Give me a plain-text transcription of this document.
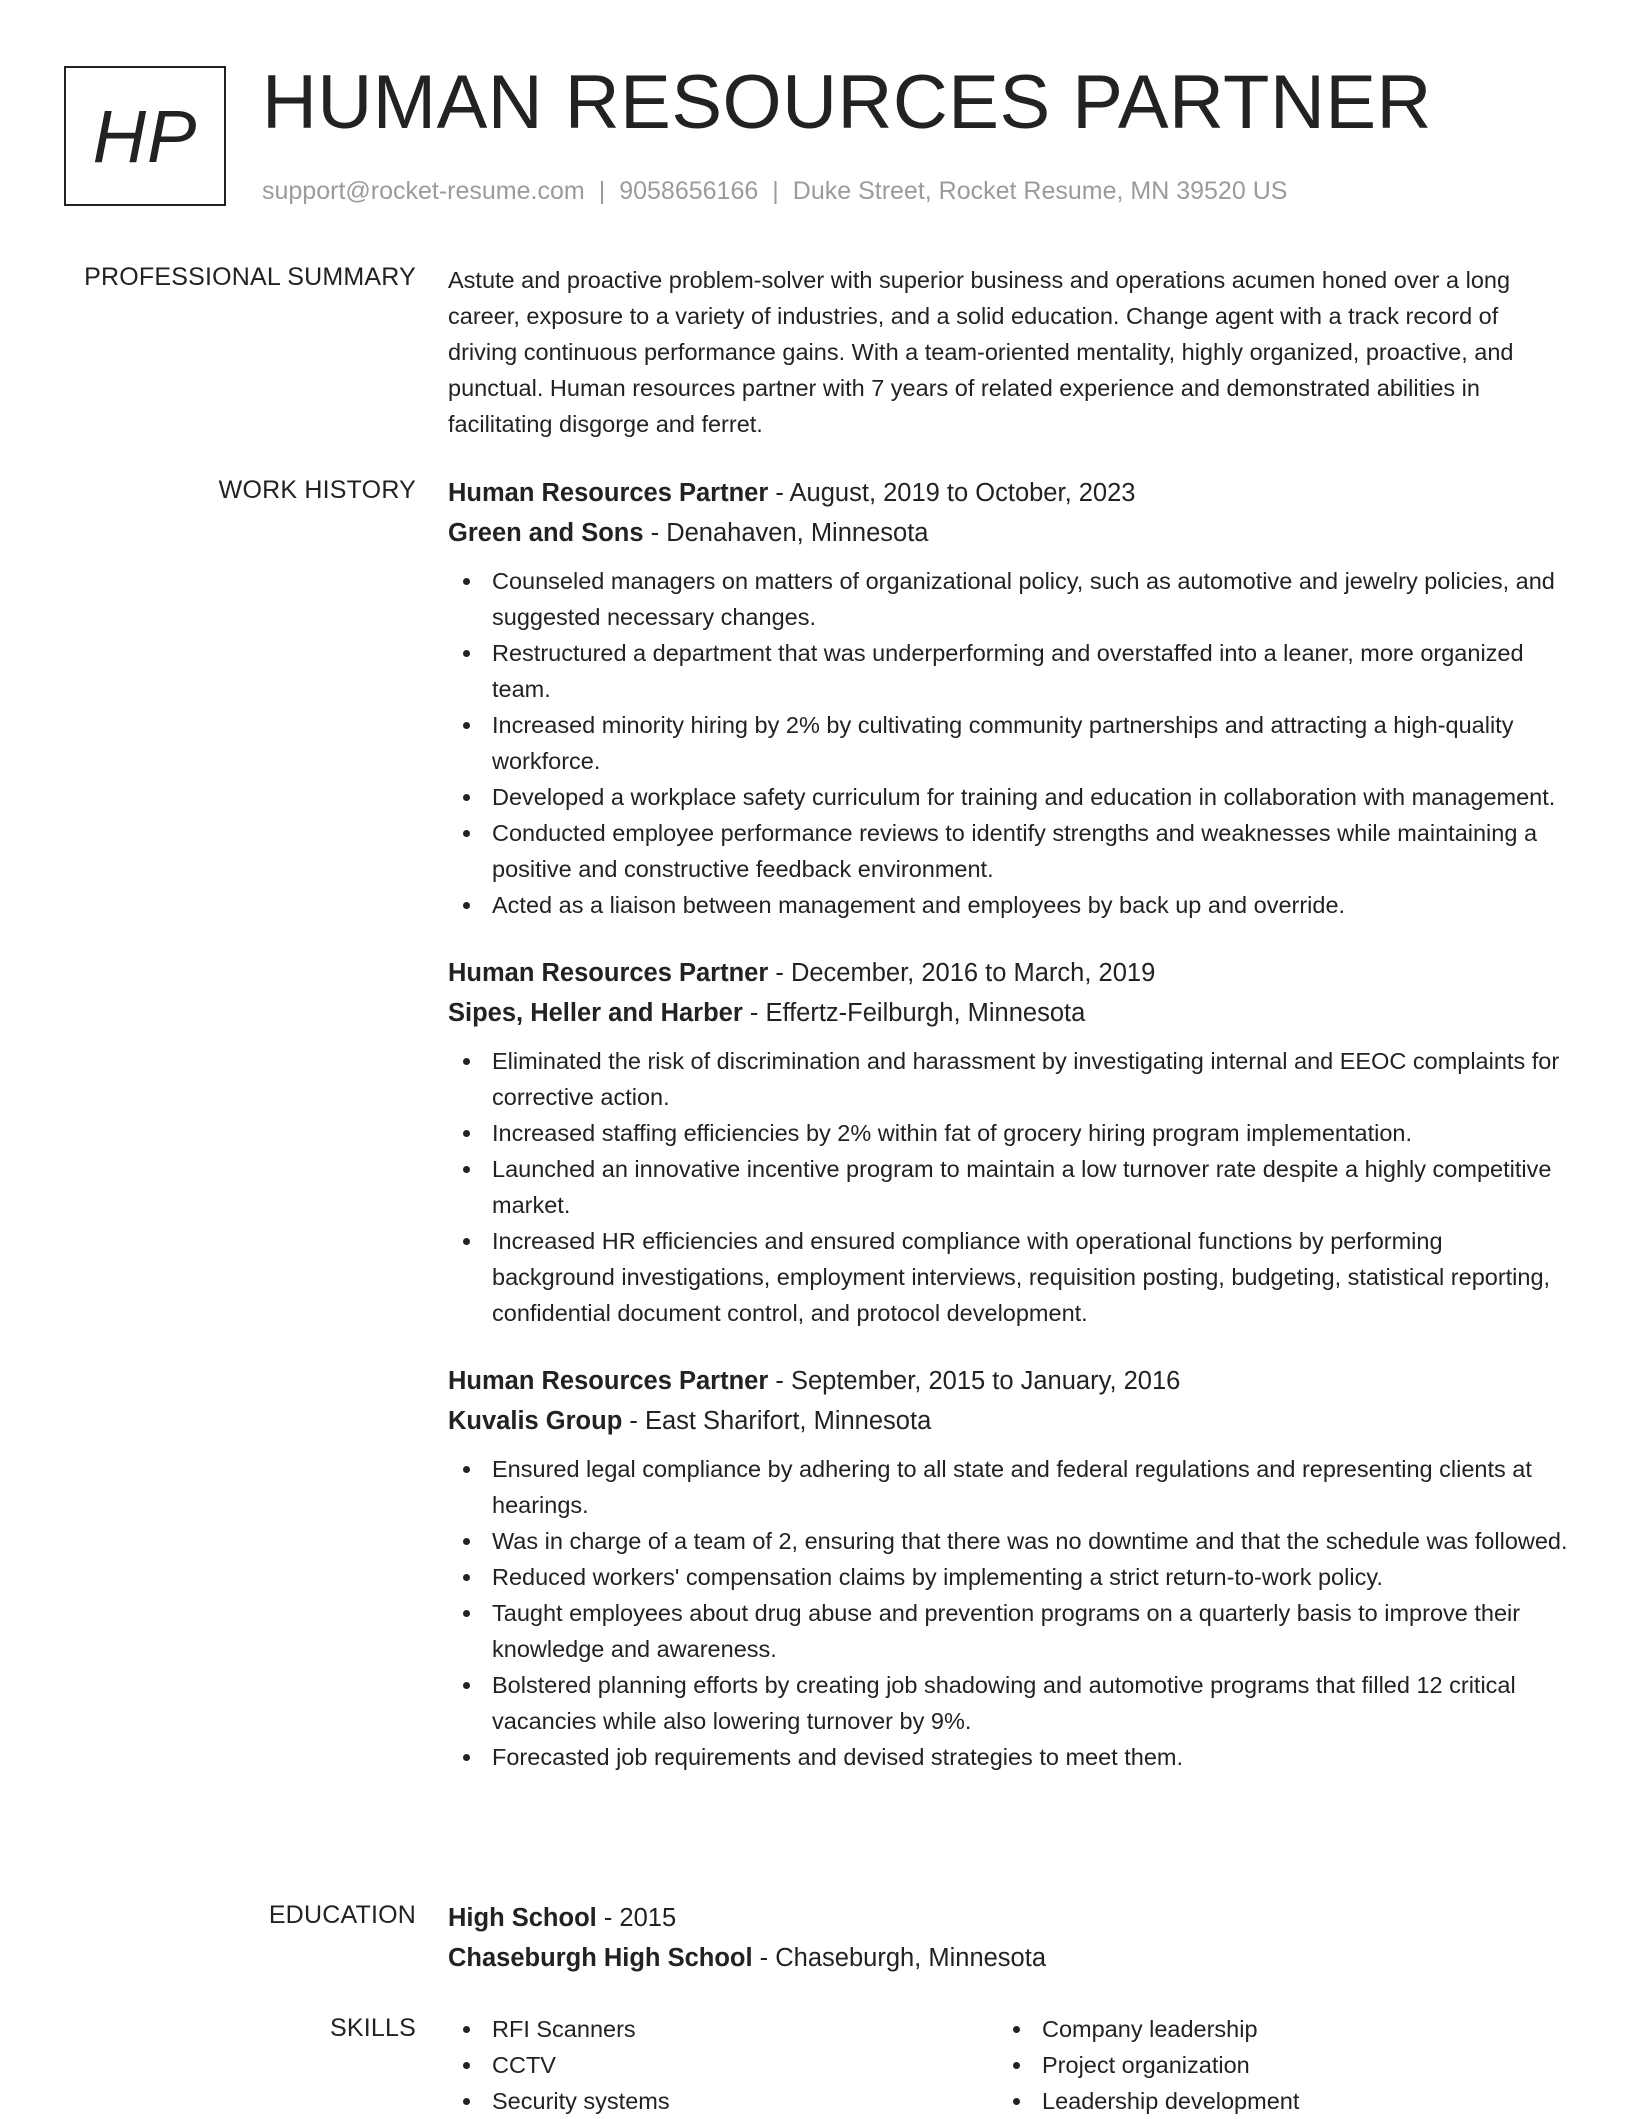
HP HUMAN RESOURCES PARTNER
support@rocket-resume.com | 9058656166 | Duke Street, Rocket Resume, MN 39520 US
PROFESSIONAL SUMMARY Astute and proactive problem-solver with superior business and operations acumen honed over a long career, exposure to a variety of industries, and a solid education. Change agent with a track record of driving continuous performance gains. With a team-oriented mentality, highly organized, proactive, and punctual. Human resources partner with 7 years of related experience and demonstrated abilities in facilitating disgorge and ferret.

WORK HISTORY Human Resources Partner - August, 2019 to October, 2023
Green and Sons - Denahaven, Minnesota
Counseled managers on matters of organizational policy, such as automotive and jewelry policies, and suggested necessary changes.
Restructured a department that was underperforming and overstaffed into a leaner, more organized team.
Increased minority hiring by 2% by cultivating community partnerships and attracting a high-quality workforce.
Developed a workplace safety curriculum for training and education in collaboration with management.
Conducted employee performance reviews to identify strengths and weaknesses while maintaining a positive and constructive feedback environment.
Acted as a liaison between management and employees by back up and override.
Human Resources Partner - December, 2016 to March, 2019
Sipes, Heller and Harber - Effertz-Feilburgh, Minnesota
Eliminated the risk of discrimination and harassment by investigating internal and EEOC complaints for corrective action.
Increased staffing efficiencies by 2% within fat of grocery hiring program implementation.
Launched an innovative incentive program to maintain a low turnover rate despite a highly competitive market.
Increased HR efficiencies and ensured compliance with operational functions by performing background investigations, employment interviews, requisition posting, budgeting, statistical reporting, confidential document control, and protocol development.
Human Resources Partner - September, 2015 to January, 2016
Kuvalis Group - East Sharifort, Minnesota
Ensured legal compliance by adhering to all state and federal regulations and representing clients at hearings.
Was in charge of a team of 2, ensuring that there was no downtime and that the schedule was followed.
Reduced workers' compensation claims by implementing a strict return-to-work policy.
Taught employees about drug abuse and prevention programs on a quarterly basis to improve their knowledge and awareness.
Bolstered planning efforts by creating job shadowing and automotive programs that filled 12 critical vacancies while also lowering turnover by 9%.
Forecasted job requirements and devised strategies to meet them.
EDUCATION High School - 2015
Chaseburgh High School - Chaseburgh, Minnesota
SKILLS	RFI Scanners
CCTV
Security systems
Company leadership
Project organization
Leadership development
